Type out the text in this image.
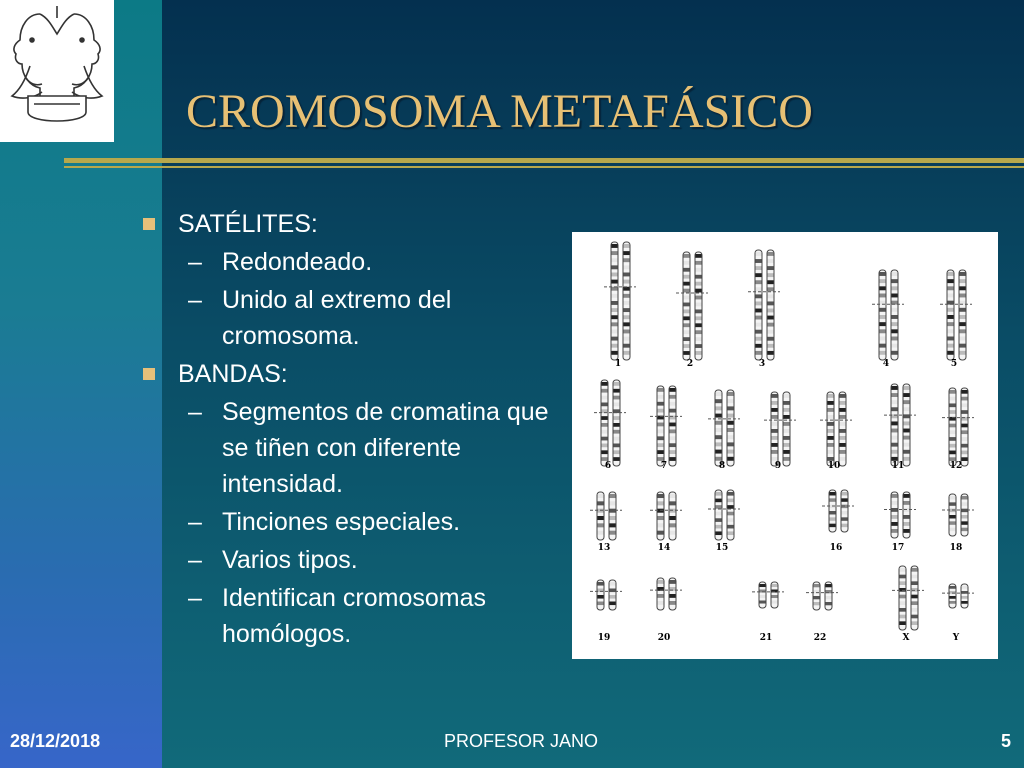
CROMOSOMA METAFÁSICO
SATÉLITES:
– Redondeado.
– Unido al extremo del cromosoma.
BANDAS:
– Segmentos de cromatina que se tiñen con diferente intensidad.
– Tinciones especiales.
– Varios tipos.
– Identifican cromosomas homólogos.
1	2	3	4	5
6	7	8	9	10	11	12
13	14	15	16	17	18
19	20	21	22	X	Y
28/12/2018	PROFESOR JANO	5
